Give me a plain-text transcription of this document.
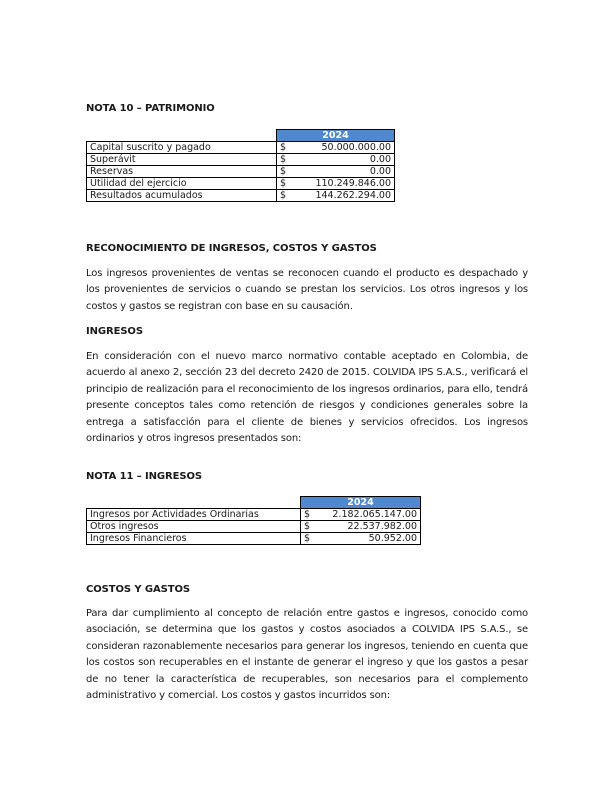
NOTA 10 – PATRIMONIO
	2024	
Capital suscrito y pagado	$	50.000.000.00
Superávit	$	0.00
Reservas	$	0.00
Utilidad del ejercicio	$	110.249.846.00
Resultados acumulados	$	144.262.294.00
RECONOCIMIENTO DE INGRESOS, COSTOS Y GASTOS

Los ingresos provenientes de ventas se reconocen cuando el producto es despachado y los provenientes de servicios o cuando se prestan los servicios. Los otros ingresos y los costos y gastos se registran con base en su causación.

INGRESOS

En consideración con el nuevo marco normativo contable aceptado en Colombia, de acuerdo al anexo 2, sección 23 del decreto 2420 de 2015. COLVIDA IPS S.A.S., verificará el principio de realización para el reconocimiento de los ingresos ordinarios, para ello, tendrá presente conceptos tales como retención de riesgos y condiciones generales sobre la entrega a satisfacción para el cliente de bienes y servicios ofrecidos. Los ingresos ordinarios y otros ingresos presentados son:

NOTA 11 – INGRESOS
	2024	
Ingresos por Actividades Ordinarias	$	2.182.065.147.00
Otros ingresos	$	22.537.982.00
Ingresos Financieros	$	50.952.00
COSTOS Y GASTOS

Para dar cumplimiento al concepto de relación entre gastos e ingresos, conocido como asociación, se determina que los gastos y costos asociados a COLVIDA IPS S.A.S., se consideran razonablemente necesarios para generar los ingresos, teniendo en cuenta que los costos son recuperables en el instante de generar el ingreso y que los gastos a pesar de no tener la característica de recuperables, son necesarios para el complemento administrativo y comercial. Los costos y gastos incurridos son:
